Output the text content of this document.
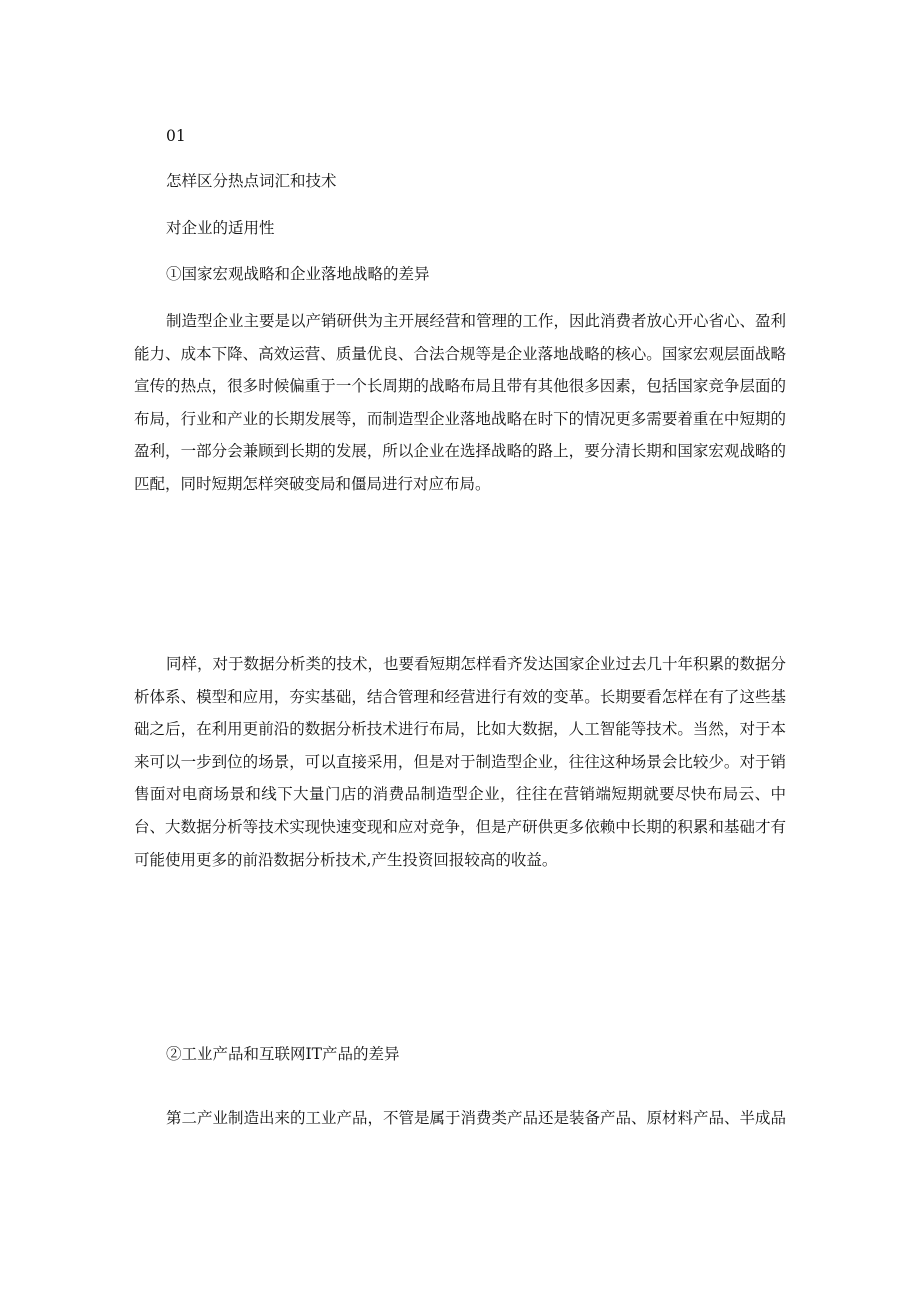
01
怎样区分热点词汇和技术
对企业的适用性
①国家宏观战略和企业落地战略的差异

制造型企业主要是以产销研供为主开展经营和管理的工作，因此消费者放心开心省心、盈利能力、成本下降、高效运营、质量优良、合法合规等是企业落地战略的核心。国家宏观层面战略宣传的热点，很多时候偏重于一个长周期的战略布局且带有其他很多因素，包括国家竞争层面的布局，行业和产业的长期发展等，而制造型企业落地战略在时下的情况更多需要着重在中短期的盈利，一部分会兼顾到长期的发展，所以企业在选择战略的路上，要分清长期和国家宏观战略的匹配，同时短期怎样突破变局和僵局进行对应布局。

同样，对于数据分析类的技术，也要看短期怎样看齐发达国家企业过去几十年积累的数据分析体系、模型和应用，夯实基础，结合管理和经营进行有效的变革。长期要看怎样在有了这些基础之后，在利用更前沿的数据分析技术进行布局，比如大数据，人工智能等技术。当然，对于本来可以一步到位的场景，可以直接采用，但是对于制造型企业，往往这种场景会比较少。对于销售面对电商场景和线下大量门店的消费品制造型企业，往往在营销端短期就要尽快布局云、中台、大数据分析等技术实现快速变现和应对竞争，但是产研供更多依赖中长期的积累和基础才有可能使用更多的前沿数据分析技术,产生投资回报较高的收益。

②工业产品和互联网IT产品的差异
第二产业制造出来的工业产品，不管是属于消费类产品还是装备产品、原材料产品、半成品
